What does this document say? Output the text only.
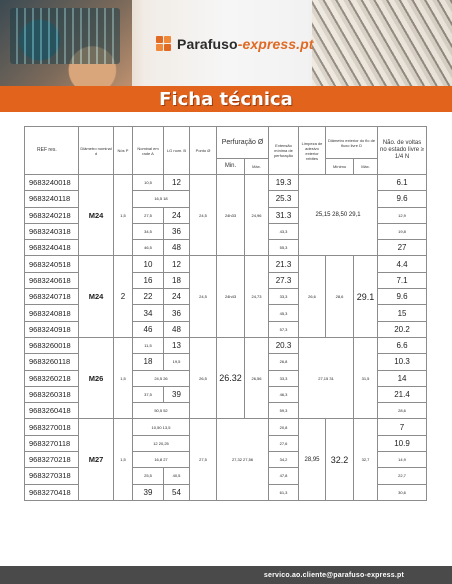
Parafuso-express.pt
Ficha técnica
REF res.	Diâmetro nominal d	Nós P	Nominal em rade A	LG nom. B	Ponto Ø	Perfuração Ø		Extensão mínima de perfuração	Limpeza de adesivo exterior rebites	Diâmetro exterior do fio de fluxo livre D		Não. de voltas no estado livre ≥ 1/4 N
						Min.	Máx.			Mínimo	Máx.	
9683240018	M24	1,5	10,5	12	24,5	24h33	24,96	19.3	25,15 28,50 29,1			6.1
9683240118			16,5 18					25.3				9.6
9683240218			27,5	24				31.3				12,9
9683240318			34,5	36				43,3				19,8
9683240418			46,5	48				55,3				27
9683240518	M24	2	10	12	24,5	24h43	24,73	21.3	26,6	28,6	29.1	4.4
9683240618			16	18				27.3				7.1
9683240718			22	24				33,3				9.6
9683240818			34	36				45,3				15
9683240918			46	48				57,3				20.2
9683260018	M26	1,5	11,5	13	26,5	26.32	26,56	20.3	27,15 31		31,5	6.6
9683260118			18	19,5				26,8				10.3
9683260218			24,5 26					33,3				14
9683260318			37,5	39				46,3				21.4
9683260418			50,5 52					59,3				28,6
9683270018	M27	1,5	10,50 13,5		27,5	27,32 27,56		20,8	28,95	32.2	32,7	7
9683270118			12 20,25					27,6				10.9
9683270218			16,8 27					34,2				14,9
9683270318			25,5	40,5				47,8				22,7
9683270418			39	54				61,3				30,6
servico.ao.cliente@parafuso-express.pt
